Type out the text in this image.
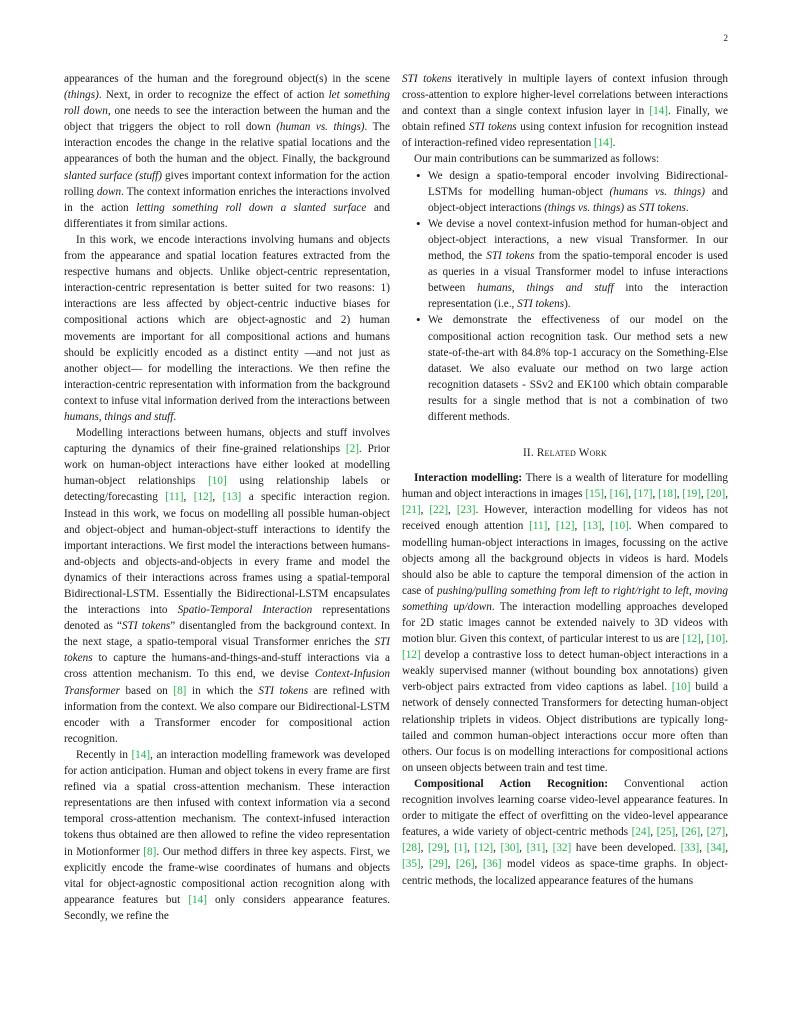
2

appearances of the human and the foreground object(s) in the scene (things). Next, in order to recognize the effect of action let something roll down, one needs to see the interaction between the human and the object that triggers the object to roll down (human vs. things). The interaction encodes the change in the relative spatial locations and the appearances of both the human and the object. Finally, the background slanted surface (stuff) gives important context information for the action rolling down. The context information enriches the interactions involved in the action letting something roll down a slanted surface and differentiates it from similar actions.

In this work, we encode interactions involving humans and objects from the appearance and spatial location features extracted from the respective humans and objects. Unlike object-centric representation, interaction-centric representation is better suited for two reasons: 1) interactions are less affected by object-centric inductive biases for compositional actions which are object-agnostic and 2) human movements are important for all compositional actions and humans should be explicitly encoded as a distinct entity —and not just as another object— for modelling the interactions. We then refine the interaction-centric representation with information from the background context to infuse vital information derived from the interactions between humans, things and stuff.

Modelling interactions between humans, objects and stuff involves capturing the dynamics of their fine-grained relationships [2]. Prior work on human-object interactions have either looked at modelling human-object relationships [10] using relationship labels or detecting/forecasting [11], [12], [13] a specific interaction region. Instead in this work, we focus on modelling all possible human-object and object-object and human-object-stuff interactions to identify the important interactions. We first model the interactions between humans-and-objects and objects-and-objects in every frame and model the dynamics of their interactions across frames using a spatial-temporal Bidirectional-LSTM. Essentially the Bidirectional-LSTM encapsulates the interactions into Spatio-Temporal Interaction representations denoted as “STI tokens” disentangled from the background context. In the next stage, a spatio-temporal visual Transformer enriches the STI tokens to capture the humans-and-things-and-stuff interactions via a cross attention mechanism. To this end, we devise Context-Infusion Transformer based on [8] in which the STI tokens are refined with information from the context. We also compare our Bidirectional-LSTM encoder with a Transformer encoder for compositional action recognition.

Recently in [14], an interaction modelling framework was developed for action anticipation. Human and object tokens in every frame are first refined via a spatial cross-attention mechanism. These interaction representations are then infused with context information via a second temporal cross-attention mechanism. The context-infused interaction tokens thus obtained are then allowed to refine the video representation in Motionformer [8]. Our method differs in three key aspects. First, we explicitly encode the frame-wise coordinates of humans and objects vital for object-agnostic compositional action recognition along with appearance features but [14] only considers appearance features. Secondly, we refine the

STI tokens iteratively in multiple layers of context infusion through cross-attention to explore higher-level correlations between interactions and context than a single context infusion layer in [14]. Finally, we obtain refined STI tokens using context infusion for recognition instead of interaction-refined video representation [14].

Our main contributions can be summarized as follows:

• We design a spatio-temporal encoder involving Bidirectional-LSTMs for modelling human-object (humans vs. things) and object-object interactions (things vs. things) as STI tokens.
• We devise a novel context-infusion method for human-object and object-object interactions, a new visual Transformer. In our method, the STI tokens from the spatio-temporal encoder is used as queries in a visual Transformer model to infuse interactions between humans, things and stuff into the interaction representation (i.e., STI tokens).
• We demonstrate the effectiveness of our model on the compositional action recognition task. Our method sets a new state-of-the-art with 84.8% top-1 accuracy on the Something-Else dataset. We also evaluate our method on two large action recognition datasets - SSv2 and EK100 which obtain comparable results for a single method that is not a combination of two different methods.
II. Related Work

Interaction modelling: There is a wealth of literature for modelling human and object interactions in images [15], [16], [17], [18], [19], [20], [21], [22], [23]. However, interaction modelling for videos has not received enough attention [11], [12], [13], [10]. When compared to modelling human-object interactions in images, focussing on the active objects among all the background objects in videos is hard. Models should also be able to capture the temporal dimension of the action in case of pushing/pulling something from left to right/right to left, moving something up/down. The interaction modelling approaches developed for 2D static images cannot be extended naively to 3D videos with motion blur. Given this context, of particular interest to us are [12], [10]. [12] develop a contrastive loss to detect human-object interactions in a weakly supervised manner (without bounding box annotations) given verb-object pairs extracted from video captions as label. [10] build a network of densely connected Transformers for detecting human-object relationship triplets in videos. Object distributions are typically long-tailed and common human-object interactions occur more often than others. Our focus is on modelling interactions for compositional actions on unseen objects between train and test time.

Compositional Action Recognition: Conventional action recognition involves learning coarse video-level appearance features. In order to mitigate the effect of overfitting on the video-level appearance features, a wide variety of object-centric methods [24], [25], [26], [27], [28], [29], [1], [12], [30], [31], [32] have been developed. [33], [34], [35], [29], [26], [36] model videos as space-time graphs. In object-centric methods, the localized appearance features of the humans
